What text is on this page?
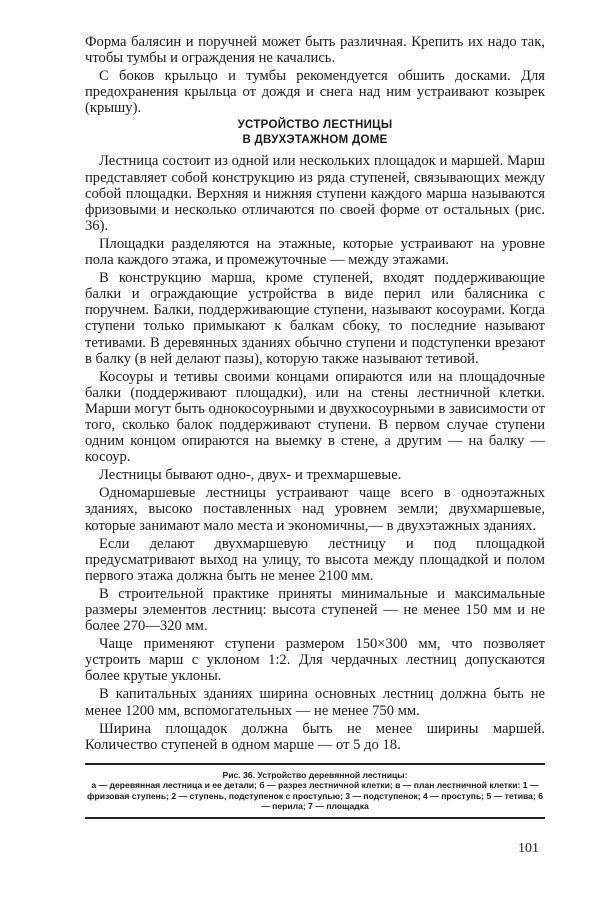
Форма балясин и поручней может быть различная. Крепить их надо так, чтобы тумбы и ограждения не качались.

С боков крыльцо и тумбы рекомендуется обшить досками. Для предохранения крыльца от дождя и снега над ним устраивают козырек (крышу).

УСТРОЙСТВО ЛЕСТНИЦЫ
В ДВУХЭТАЖНОМ ДОМЕ

Лестница состоит из одной или нескольких площадок и маршей. Марш представляет собой конструкцию из ряда ступеней, связывающих между собой площадки. Верхняя и нижняя ступени каждого марша называются фризовыми и несколько отличаются по своей форме от остальных (рис. 36).

Площадки разделяются на этажные, которые устраивают на уровне пола каждого этажа, и промежуточные — между этажами.

В конструкцию марша, кроме ступеней, входят поддерживающие балки и ограждающие устройства в виде перил или балясника с поручнем. Балки, поддерживающие ступени, называют косоурами. Когда ступени только примыкают к балкам сбоку, то последние называют тетивами. В деревянных зданиях обычно ступени и подступенки врезают в балку (в ней делают пазы), которую также называют тетивой.

Косоуры и тетивы своими концами опираются или на площадочные балки (поддерживают площадки), или на стены лестничной клетки. Марши могут быть однокосоурными и двухкосоурными в зависимости от того, сколько балок поддерживают ступени. В первом случае ступени одним концом опираются на выемку в стене, а другим — на балку — косоур.

Лестницы бывают одно-, двух- и трехмаршевые.

Одномаршевые лестницы устраивают чаще всего в одноэтажных зданиях, высоко поставленных над уровнем земли; двухмаршевые, которые занимают мало места и экономичны,— в двухэтажных зданиях.

Если делают двухмаршевую лестницу и под площадкой предусматривают выход на улицу, то высота между площадкой и полом первого этажа должна быть не менее 2100 мм.

В строительной практике приняты минимальные и максимальные размеры элементов лестниц: высота ступеней — не менее 150 мм и не более 270—320 мм.

Чаще применяют ступени размером 150×300 мм, что позволяет устроить марш с уклоном 1:2. Для чердачных лестниц допускаются более крутые уклоны.

В капитальных зданиях ширина основных лестниц должна быть не менее 1200 мм, вспомогательных — не менее 750 мм.

Ширина площадок должна быть не менее ширины маршей. Количество ступеней в одном марше — от 5 до 18.

Рис. 36. Устройство деревянной лестницы:
а — деревянная лестница и ее детали; б — разрез лестничной клетки; в — план лестничной клетки: 1 — фризовая ступень; 2 — ступень, подступенок с проступью; 3 — подступенок; 4 — проступь; 5 — тетива; 6 — перила; 7 — площадка
101
